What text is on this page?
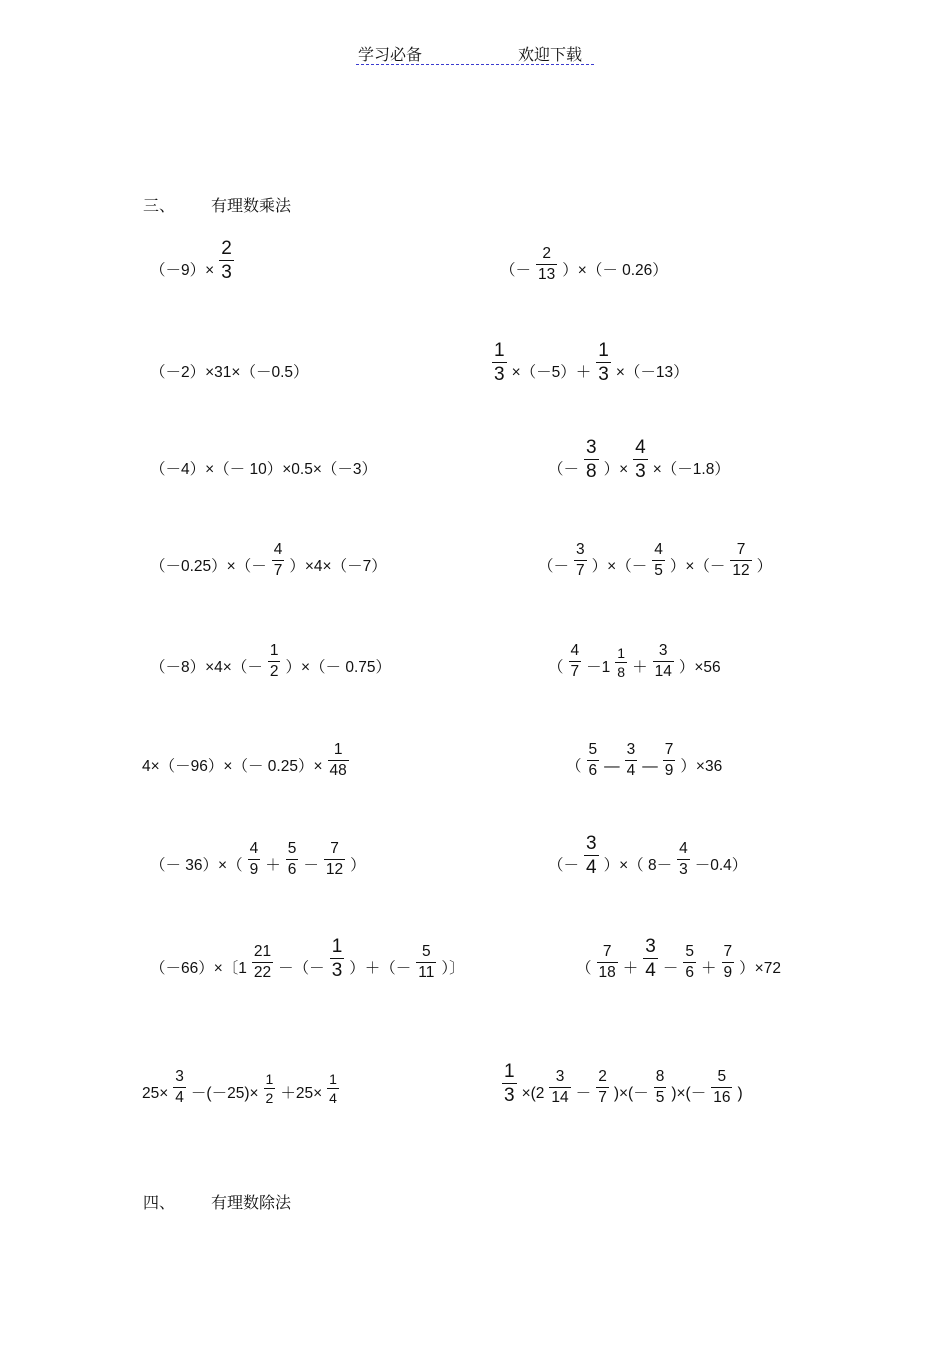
学习必备	欢迎下载
三、 有理数乘法
四、 有理数除法
$(-9)\times \frac{2}{3}$	（－ $\frac{2}{13}$ ）×（－ 0.26）
（－2）×31×（－0.5）	$\frac{1}{3} \times(-5)+ \frac{1}{3} \times(-13)$
（－4）×（－ 10）×0.5×（－3）	（－ $\frac{3}{8}$ ）× $\frac{4}{3} \times(-1.8)$
$(-0.25)\times(- \frac{4}{7} )\times 4\times(-7)$	（－ $\frac{3}{7}$ ）×（－ $\frac{4}{5}$ ）×（－ $\frac{7}{12}$ ）
$(-8)\times 4\times(- \frac{1}{2}$ ）×（－ 0.75）	（ $\frac{4}{7} -1 \frac{1}{8} + \frac{3}{14} )\times 56$
$4\times(-96)\times(- 0.25)\times \frac{1}{48}$	（ $\frac{5}{6}$ — $\frac{3}{4}$ — $\frac{7}{9} )\times 36$
（－ $36)\times( \frac{4}{9} + \frac{5}{6} - \frac{7}{12}$ ）	（－ $\frac{3}{4}$ ）×（ $8- \frac{4}{3} -0.4$）
（－66）×〔$1 \frac{21}{22}$ －（－ $\frac{1}{3}$ ）＋（－ $\frac{5}{11}$ ）〕	（ $\frac{7}{18} + \frac{3}{4} - \frac{5}{6} + \frac{7}{9} )\times 72$
$25\times \frac{3}{4} -(-25)\times \frac{1}{2} +25\times \frac{1}{4}$	$\frac{1}{3} \times(2 \frac{3}{14} - \frac{2}{7}$ )×(－ $\frac{8}{5}$ )×(－ $\frac{5}{16}$ )
